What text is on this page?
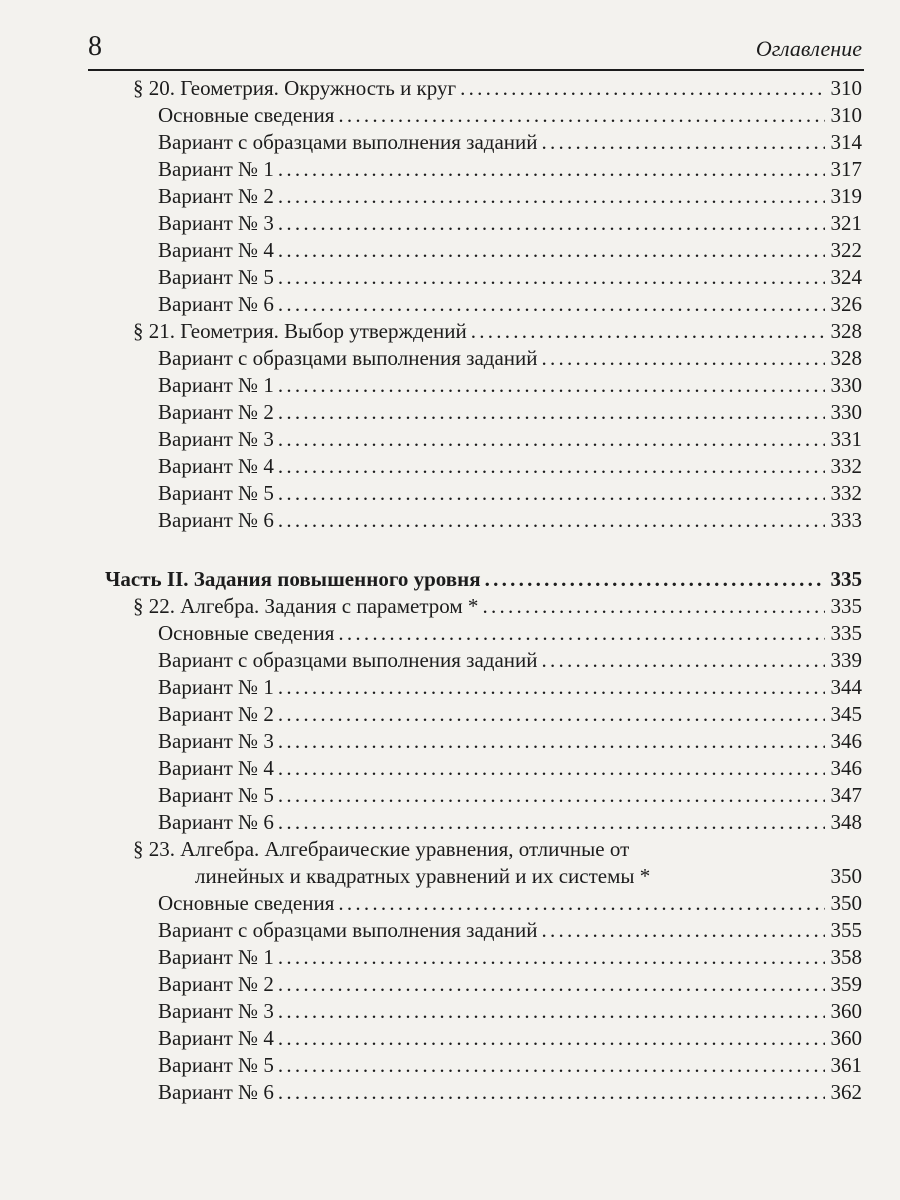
8	Оглавление
§ 20. Геометрия. Окружность и круг . . .	310
Основные сведения . . .	310
Вариант с образцами выполнения заданий . . .	314
Вариант № 1 . . .	317
Вариант № 2 . . .	319
Вариант № 3 . . .	321
Вариант № 4 . . .	322
Вариант № 5 . . .	324
Вариант № 6 . . .	326
§ 21. Геометрия. Выбор утверждений . . .	328
Вариант с образцами выполнения заданий . . .	328
Вариант № 1 . . .	330
Вариант № 2 . . .	330
Вариант № 3 . . .	331
Вариант № 4 . . .	332
Вариант № 5 . . .	332
Вариант № 6 . . .	333
Часть II. Задания повышенного уровня . . .	335
§ 22. Алгебра. Задания с параметром * . . .	335
Основные сведения . . .	335
Вариант с образцами выполнения заданий . . .	339
Вариант № 1 . . .	344
Вариант № 2 . . .	345
Вариант № 3 . . .	346
Вариант № 4 . . .	346
Вариант № 5 . . .	347
Вариант № 6 . . .	348
§ 23. Алгебра. Алгебраические уравнения, отличные от
линейных и квадратных уравнений и их системы *	350
Основные сведения . . .	350
Вариант с образцами выполнения заданий . . .	355
Вариант № 1 . . .	358
Вариант № 2 . . .	359
Вариант № 3 . . .	360
Вариант № 4 . . .	360
Вариант № 5 . . .	361
Вариант № 6 . . .	362
